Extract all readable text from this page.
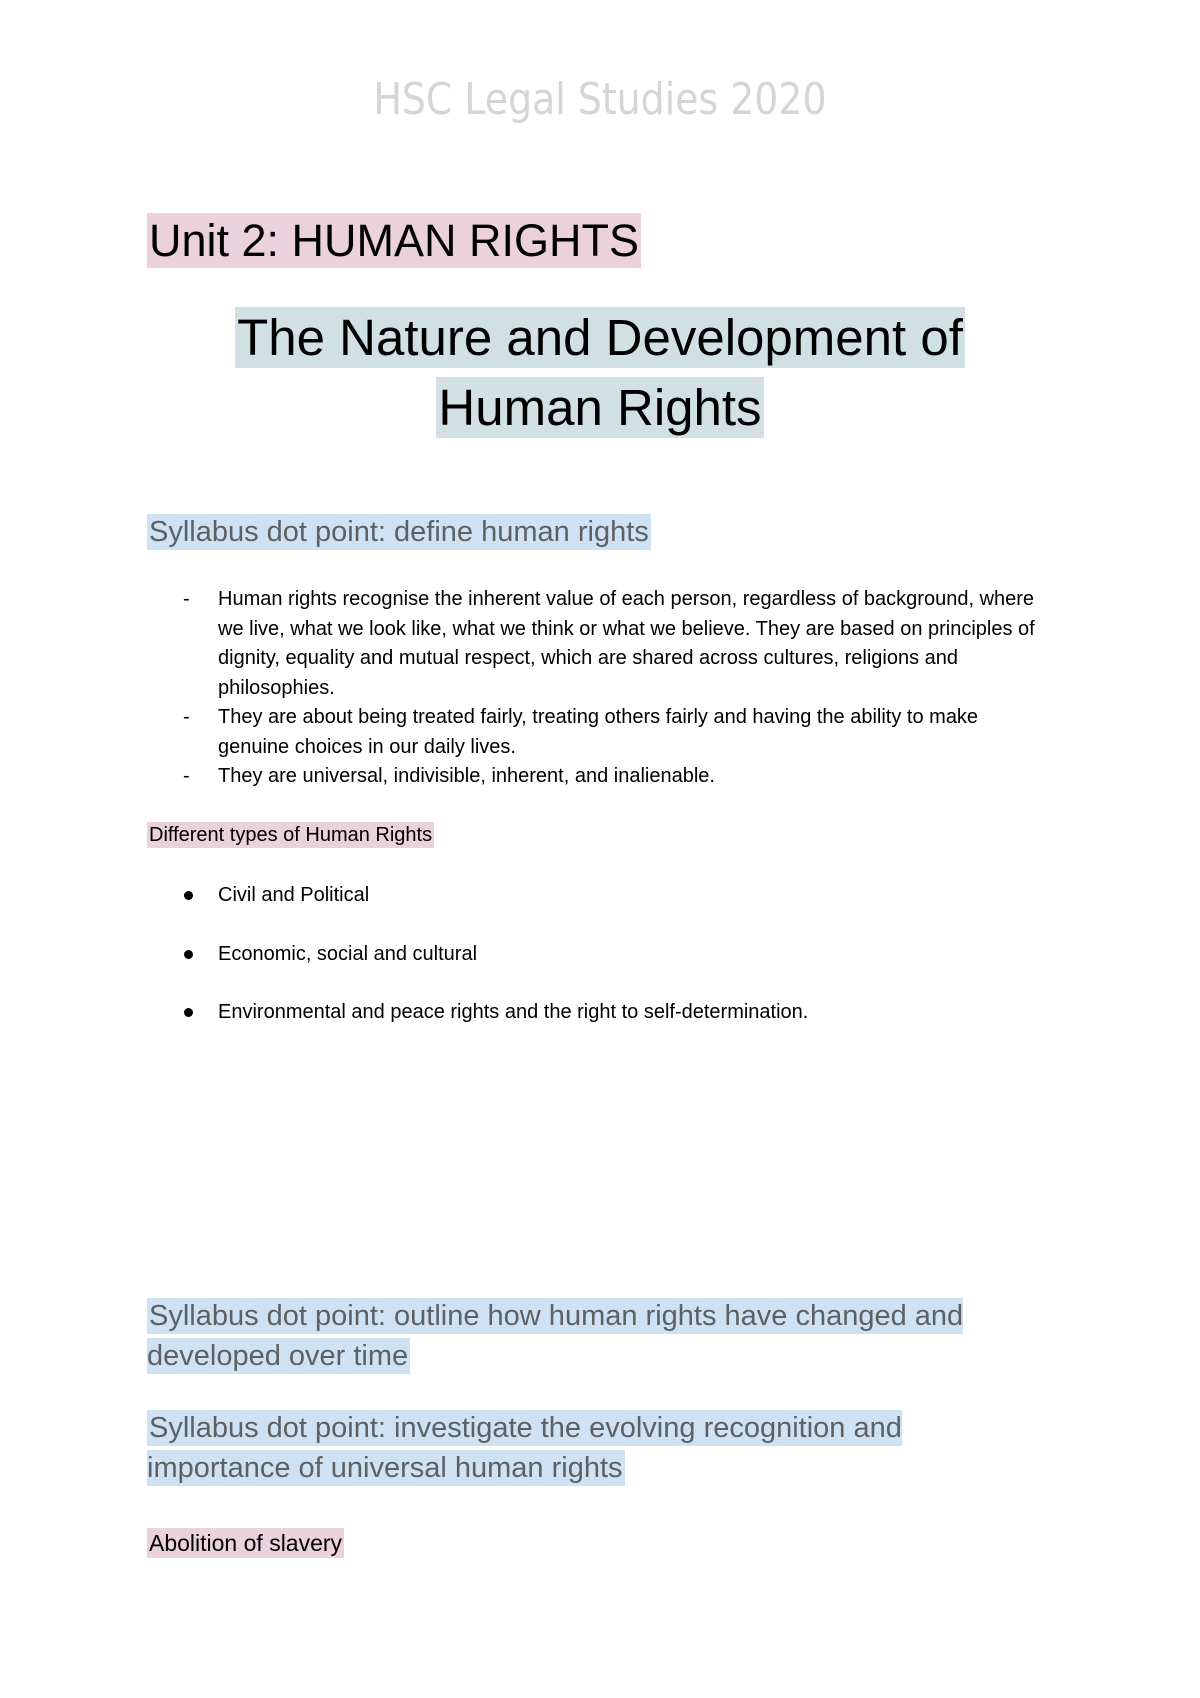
HSC Legal Studies 2020
Unit 2: HUMAN RIGHTS
The Nature and Development of
Human Rights
Syllabus dot point: define human rights
- Human rights recognise the inherent value of each person, regardless of background, where we live, what we look like, what we think or what we believe. They are based on principles of dignity, equality and mutual respect, which are shared across cultures, religions and philosophies.
- They are about being treated fairly, treating others fairly and having the ability to make genuine choices in our daily lives.
- They are universal, indivisible, inherent, and inalienable.
Different types of Human Rights
Civil and Political
Economic, social and cultural
Environmental and peace rights and the right to self-determination.
Syllabus dot point: outline how human rights have changed and developed over time
Syllabus dot point: investigate the evolving recognition and importance of universal human rights
Abolition of slavery
